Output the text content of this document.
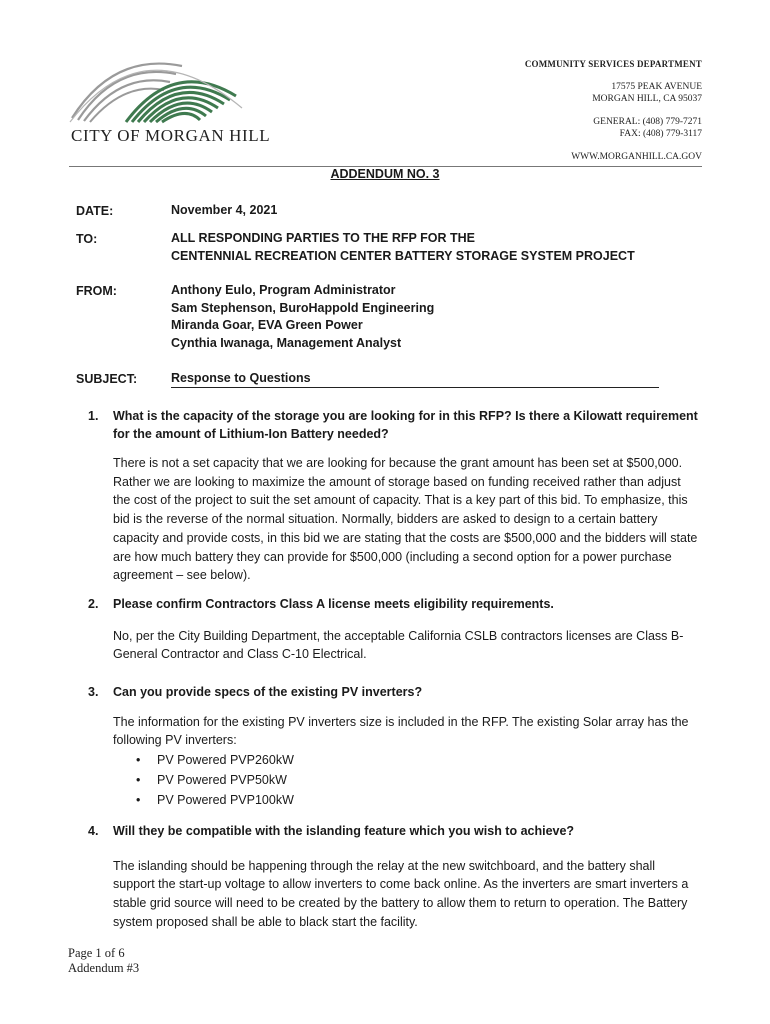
CITY OF MORGAN HILL
COMMUNITY SERVICES DEPARTMENT
17575 PEAK AVENUE
MORGAN HILL, CA 95037
GENERAL: (408) 779-7271
FAX: (408) 779-3117
WWW.MORGANHILL.CA.GOV
ADDENDUM NO. 3
DATE:	November 4, 2021
TO:	ALL RESPONDING PARTIES TO THE RFP FOR THE
CENTENNIAL RECREATION CENTER BATTERY STORAGE SYSTEM PROJECT
FROM:	Anthony Eulo, Program Administrator
Sam Stephenson, BuroHappold Engineering
Miranda Goar, EVA Green Power
Cynthia Iwanaga, Management Analyst
SUBJECT:	Response to Questions
1. What is the capacity of the storage you are looking for in this RFP? Is there a Kilowatt requirement for the amount of Lithium-Ion Battery needed?
There is not a set capacity that we are looking for because the grant amount has been set at $500,000. Rather we are looking to maximize the amount of storage based on funding received rather than adjust the cost of the project to suit the set amount of capacity. That is a key part of this bid. To emphasize, this bid is the reverse of the normal situation. Normally, bidders are asked to design to a certain battery capacity and provide costs, in this bid we are stating that the costs are $500,000 and the bidders will state are how much battery they can provide for $500,000 (including a second option for a power purchase agreement – see below).
2. Please confirm Contractors Class A license meets eligibility requirements.
No, per the City Building Department, the acceptable California CSLB contractors licenses are Class B-General Contractor and Class C-10 Electrical.
3. Can you provide specs of the existing PV inverters?
The information for the existing PV inverters size is included in the RFP. The existing Solar array has the following PV inverters:
• PV Powered PVP260kW
• PV Powered PVP50kW
• PV Powered PVP100kW
4. Will they be compatible with the islanding feature which you wish to achieve?
The islanding should be happening through the relay at the new switchboard, and the battery shall support the start-up voltage to allow inverters to come back online. As the inverters are smart inverters a stable grid source will need to be created by the battery to allow them to return to operation. The Battery system proposed shall be able to black start the facility.
Page 1 of 6
Addendum #3
